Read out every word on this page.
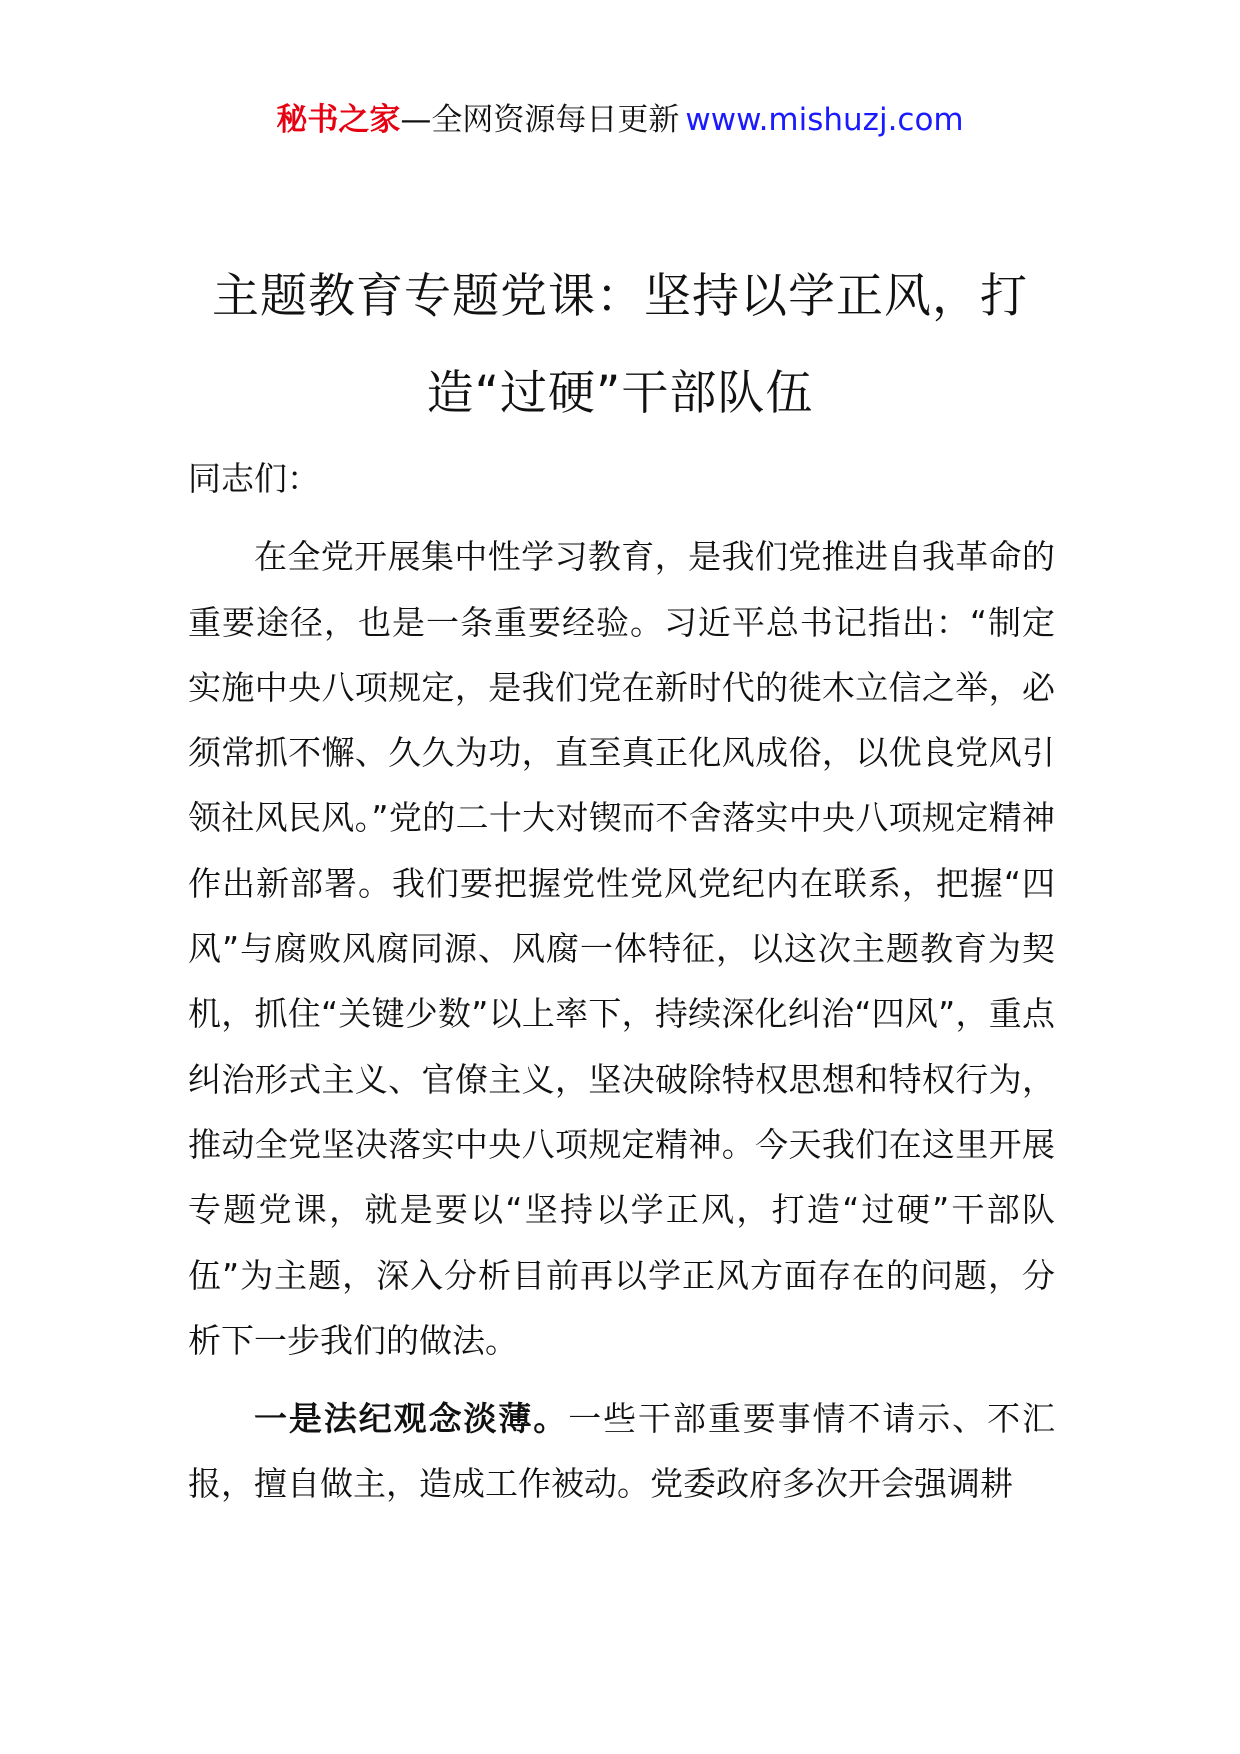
秘书之家—全网资源每日更新 www.mishuzj.com
主题教育专题党课：坚持以学正风，打造“过硬”干部队伍

同志们：

在全党开展集中性学习教育，是我们党推进自我革命的重要途径，也是一条重要经验。习近平总书记指出：“制定实施中央八项规定，是我们党在新时代的徙木立信之举，必须常抓不懈、久久为功，直至真正化风成俗，以优良党风引领社风民风。”党的二十大对锲而不舍落实中央八项规定精神作出新部署。我们要把握党性党风党纪内在联系，把握“四风”与腐败风腐同源、风腐一体特征，以这次主题教育为契机，抓住“关键少数”以上率下，持续深化纠治“四风”，重点纠治形式主义、官僚主义，坚决破除特权思想和特权行为，推动全党坚决落实中央八项规定精神。今天我们在这里开展专题党课，就是要以“坚持以学正风，打造“过硬”干部队伍”为主题，深入分析目前再以学正风方面存在的问题，分析下一步我们的做法。

一是法纪观念淡薄。一些干部重要事情不请示、不汇报，擅自做主，造成工作被动。党委政府多次开会强调耕
